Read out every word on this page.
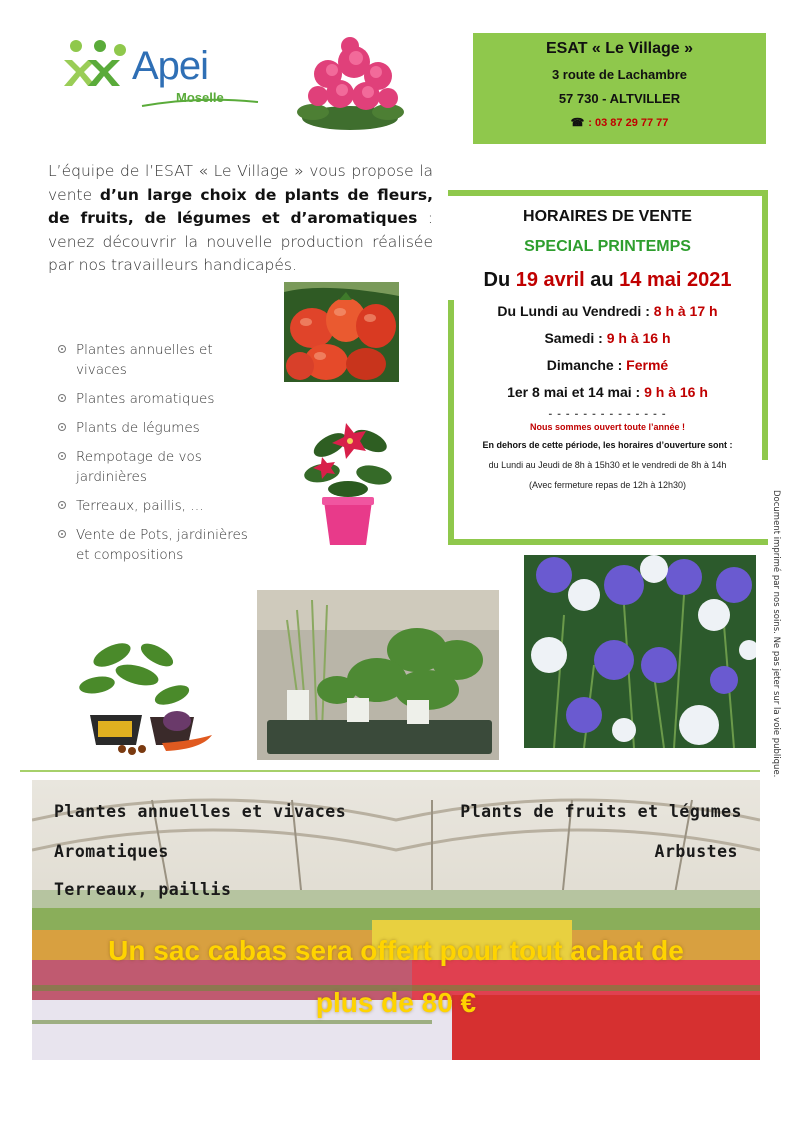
Apei
Moselle
ESAT « Le Village »
3 route de Lachambre
57 730 - ALTVILLER
☎ : 03 87 29 77 77

L’équipe de l’ESAT « Le Village » vous propose la vente d’un large choix de plants de fleurs, de fruits, de légumes et d’aromatiques : venez découvrir la nouvelle production réalisée par nos travailleurs handicapés.

HORAIRES DE VENTE
SPECIAL PRINTEMPS
Du 19 avril au 14 mai 2021
Du Lundi au Vendredi : 8 h à 17 h
Samedi : 9 h à 16 h
Dimanche : Fermé
1er 8 mai et 14 mai : 9 h à 16 h
- - - - - - - - - - - - - -
Nous sommes ouvert toute l’année !
En dehors de cette période, les horaires d’ouverture sont :
du Lundi au Jeudi de 8h à 15h30 et le vendredi de 8h à 14h
(Avec fermeture repas de 12h à 12h30)
Document imprimé par nos soins. Ne pas jeter sur la voie publique.
Plantes annuelles et vivaces
Plantes aromatiques
Plants de légumes
Rempotage de vos jardinières
Terreaux, paillis, …
Vente de Pots, jardinières et compositions
Plantes annuelles et vivaces
Aromatiques
Terreaux, paillis
Plants de fruits et légumes
Arbustes
Un sac cabas sera offert pour tout achat de
plus de 80 €
